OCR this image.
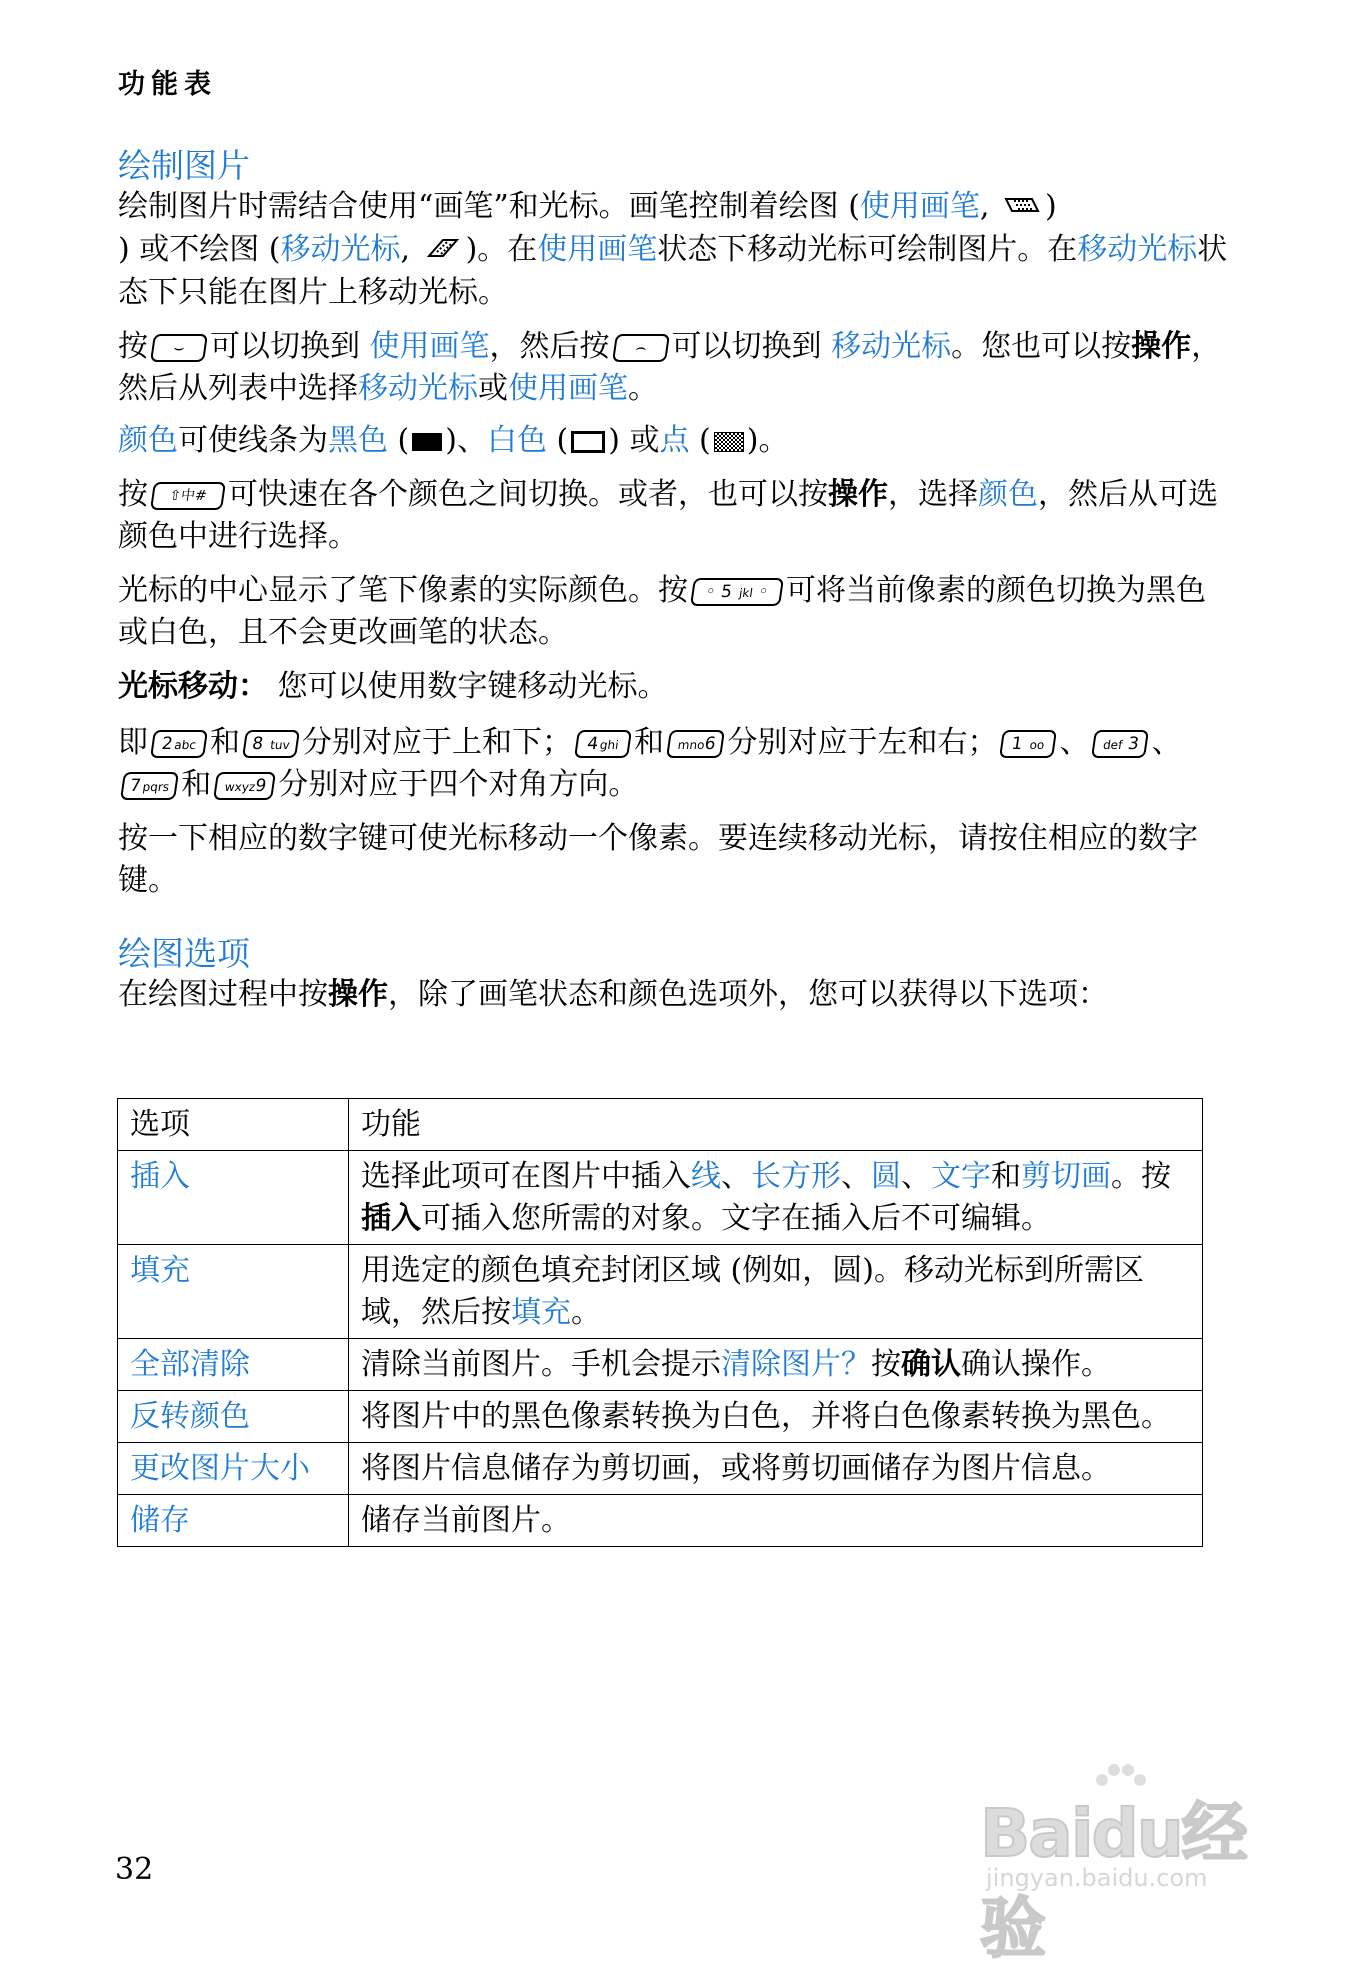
功能表
绘制图片
绘制图片时需结合使用“画笔”和光标。画笔控制着绘图 (使用画笔, )
) 或不绘图 (移动光标, )。在使用画笔状态下移动光标可绘制图片。在移动光标状态下只能在图片上移动光标。
按 ⌣ 可以切换到 使用画笔，然后按 ⌢ 可以切换到 移动光标。您也可以按操作，然后从列表中选择移动光标或使用画笔。
颜色可使线条为黑色 ( )、白色 ( ) 或点 ( )。
按 ⇧中# 可快速在各个颜色之间切换。或者，也可以按操作，选择颜色，然后从可选颜色中进行选择。
光标的中心显示了笔下像素的实际颜色。按 ◦ 5 jkl ◦ 可将当前像素的颜色切换为黑色或白色，且不会更改画笔的状态。
光标移动： 您可以使用数字键移动光标。
即 2abc 和 8 tuv 分别对应于上和下； 4ghi 和 mno6 分别对应于左和右； 1 oo 、 def 3 、7pqrs 和 wxyz9 分别对应于四个对角方向。
按一下相应的数字键可使光标移动一个像素。要连续移动光标，请按住相应的数字键。
绘图选项
在绘图过程中按操作，除了画笔状态和颜色选项外，您可以获得以下选项：
选项	功能
插入	选择此项可在图片中插入线、长方形、圆、文字和剪切画。按插入可插入您所需的对象。文字在插入后不可编辑。
填充	用选定的颜色填充封闭区域 (例如，圆)。移动光标到所需区域，然后按填充。
全部清除	清除当前图片。手机会提示清除图片？按确认确认操作。
反转颜色	将图片中的黑色像素转换为白色，并将白色像素转换为黑色。
更改图片大小	将图片信息储存为剪切画，或将剪切画储存为图片信息。
储存	储存当前图片。
32	Baidu经验
jingyan.baidu.com
